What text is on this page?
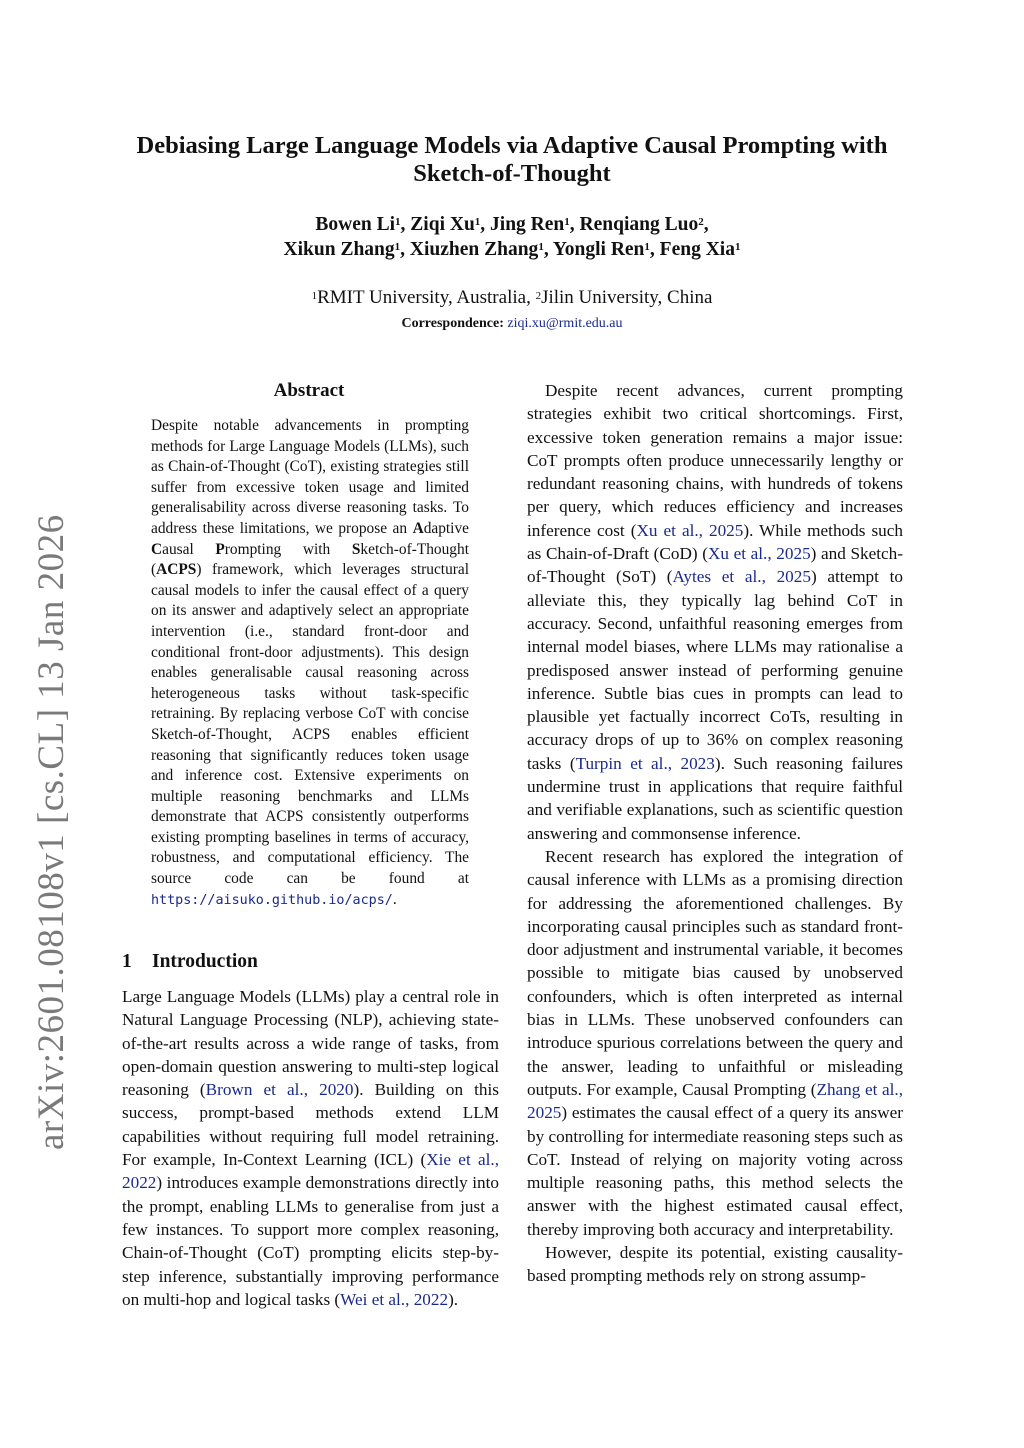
arXiv:2601.08108v1 [cs.CL] 13 Jan 2026
Debiasing Large Language Models via Adaptive Causal Prompting with Sketch-of-Thought
Bowen Li$^1$, Ziqi Xu$^1$, Jing Ren$^1$, Renqiang Luo$^2$,
Xikun Zhang$^1$, Xiuzhen Zhang$^1$, Yongli Ren$^1$, Feng Xia$^1$
$^1$RMIT University, Australia, $^2$Jilin University, China
Correspondence: ziqi.xu@rmit.edu.au
Abstract
Despite notable advancements in prompting methods for Large Language Models (LLMs), such as Chain-of-Thought (CoT), existing strategies still suffer from excessive token usage and limited generalisability across diverse reasoning tasks. To address these limitations, we propose an Adaptive Causal Prompting with Sketch-of-Thought (ACPS) framework, which leverages structural causal models to infer the causal effect of a query on its answer and adaptively select an appropriate intervention (i.e., standard front-door and conditional front-door adjustments). This design enables generalisable causal reasoning across heterogeneous tasks without task-specific retraining. By replacing verbose CoT with concise Sketch-of-Thought, ACPS enables efficient reasoning that significantly reduces token usage and inference cost. Extensive experiments on multiple reasoning benchmarks and LLMs demonstrate that ACPS consistently outperforms existing prompting baselines in terms of accuracy, robustness, and computational efficiency. The source code can be found at https://aisuko.github.io/acps/.
1 Introduction

Large Language Models (LLMs) play a central role in Natural Language Processing (NLP), achieving state-of-the-art results across a wide range of tasks, from open-domain question answering to multi-step logical reasoning (Brown et al., 2020). Building on this success, prompt-based methods extend LLM capabilities without requiring full model retraining. For example, In-Context Learning (ICL) (Xie et al., 2022) introduces example demonstrations directly into the prompt, enabling LLMs to generalise from just a few instances. To support more complex reasoning, Chain-of-Thought (CoT) prompting elicits step-by-step inference, substantially improving performance on multi-hop and logical tasks (Wei et al., 2022).

Despite recent advances, current prompting strategies exhibit two critical shortcomings. First, excessive token generation remains a major issue: CoT prompts often produce unnecessarily lengthy or redundant reasoning chains, with hundreds of tokens per query, which reduces efficiency and increases inference cost (Xu et al., 2025). While methods such as Chain-of-Draft (CoD) (Xu et al., 2025) and Sketch-of-Thought (SoT) (Aytes et al., 2025) attempt to alleviate this, they typically lag behind CoT in accuracy. Second, unfaithful reasoning emerges from internal model biases, where LLMs may rationalise a predisposed answer instead of performing genuine inference. Subtle bias cues in prompts can lead to plausible yet factually incorrect CoTs, resulting in accuracy drops of up to 36% on complex reasoning tasks (Turpin et al., 2023). Such reasoning failures undermine trust in applications that require faithful and verifiable explanations, such as scientific question answering and commonsense inference.

Recent research has explored the integration of causal inference with LLMs as a promising direction for addressing the aforementioned challenges. By incorporating causal principles such as standard front-door adjustment and instrumental variable, it becomes possible to mitigate bias caused by unobserved confounders, which is often interpreted as internal bias in LLMs. These unobserved confounders can introduce spurious correlations between the query and the answer, leading to unfaithful or misleading outputs. For example, Causal Prompting (Zhang et al., 2025) estimates the causal effect of a query its answer by controlling for intermediate reasoning steps such as CoT. Instead of relying on majority voting across multiple reasoning paths, this method selects the answer with the highest estimated causal effect, thereby improving both accuracy and interpretability.

However, despite its potential, existing causality-based prompting methods rely on strong assump-
